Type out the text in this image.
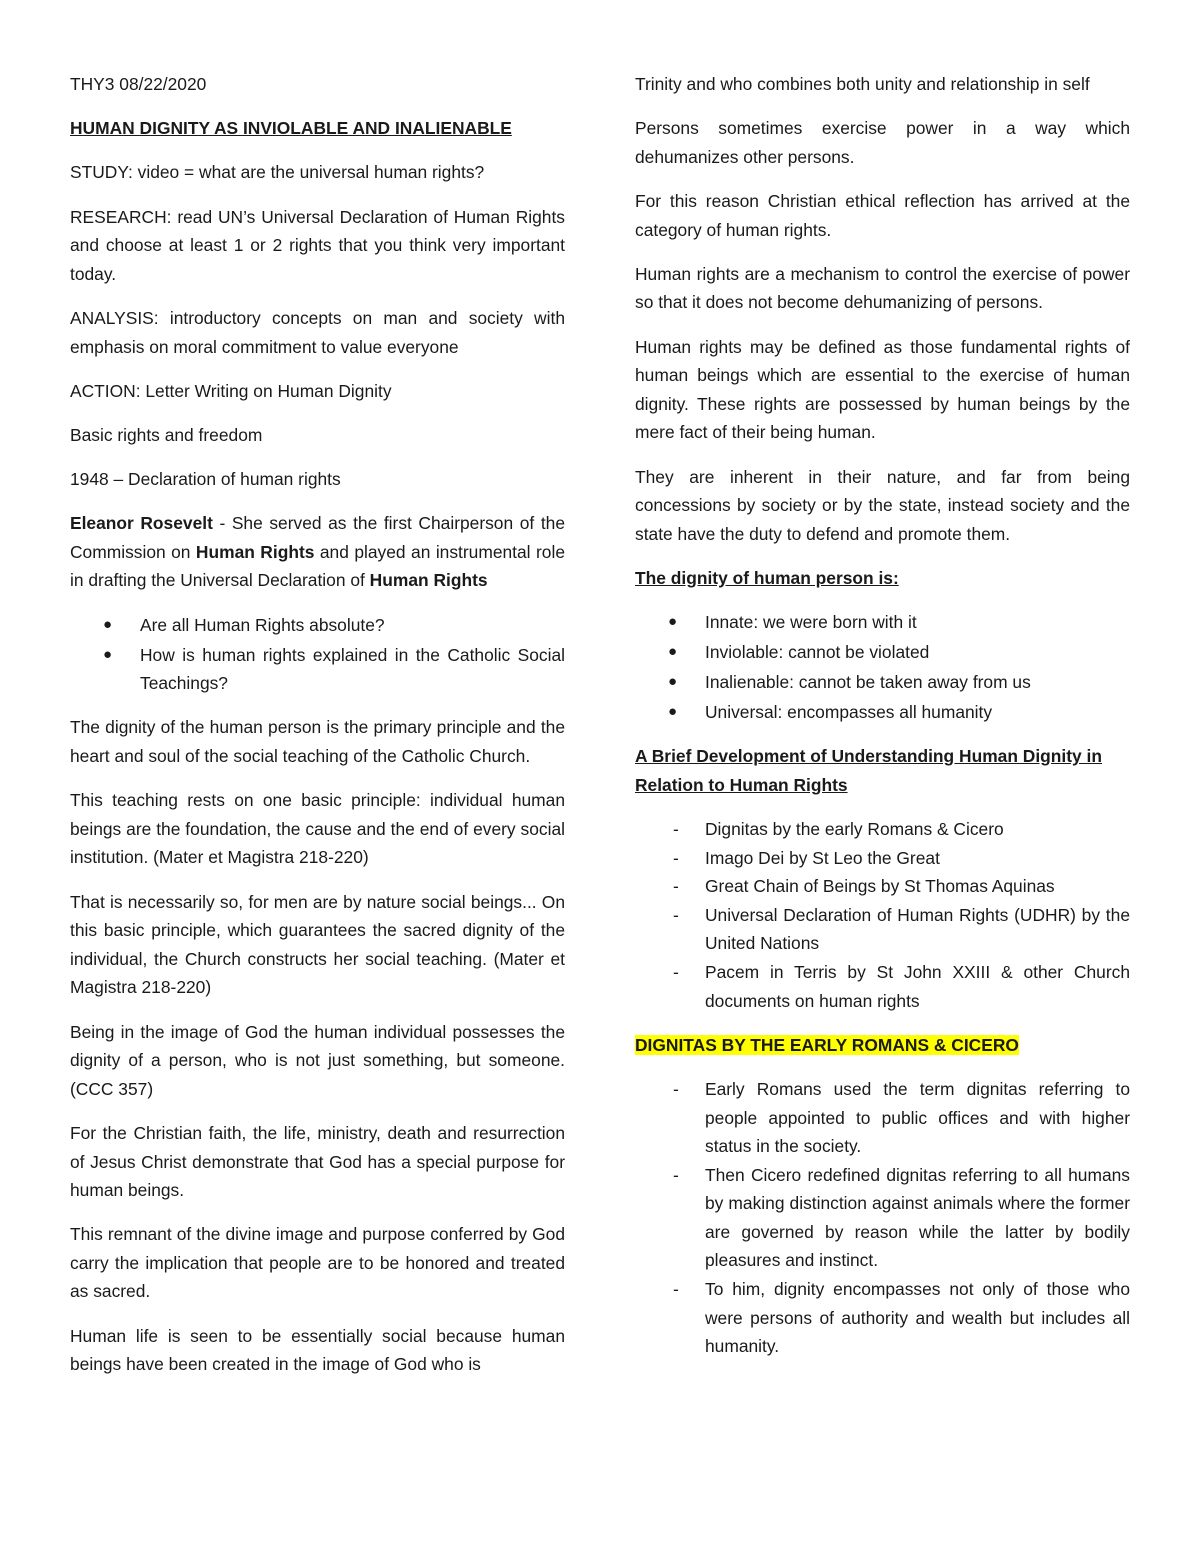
THY3 08/22/2020

HUMAN DIGNITY AS INVIOLABLE AND INALIENABLE

STUDY: video = what are the universal human rights?

RESEARCH: read UN’s Universal Declaration of Human Rights and choose at least 1 or 2 rights that you think very important today.

ANALYSIS: introductory concepts on man and society with emphasis on moral commitment to value everyone

ACTION: Letter Writing on Human Dignity

Basic rights and freedom

1948 – Declaration of human rights

Eleanor Rosevelt - She served as the first Chairperson of the Commission on Human Rights and played an instrumental role in drafting the Universal Declaration of Human Rights

● Are all Human Rights absolute?
● How is human rights explained in the Catholic Social Teachings?

The dignity of the human person is the primary principle and the heart and soul of the social teaching of the Catholic Church.

This teaching rests on one basic principle: individual human beings are the foundation, the cause and the end of every social institution. (Mater et Magistra 218-220)

That is necessarily so, for men are by nature social beings... On this basic principle, which guarantees the sacred dignity of the individual, the Church constructs her social teaching. (Mater et Magistra 218-220)

Being in the image of God the human individual possesses the dignity of a person, who is not just something, but someone. (CCC 357)

For the Christian faith, the life, ministry, death and resurrection of Jesus Christ demonstrate that God has a special purpose for human beings.

This remnant of the divine image and purpose conferred by God carry the implication that people are to be honored and treated as sacred.

Human life is seen to be essentially social because human beings have been created in the image of God who is

Trinity and who combines both unity and relationship in self

Persons sometimes exercise power in a way which dehumanizes other persons.

For this reason Christian ethical reflection has arrived at the category of human rights.

Human rights are a mechanism to control the exercise of power so that it does not become dehumanizing of persons.

Human rights may be defined as those fundamental rights of human beings which are essential to the exercise of human dignity. These rights are possessed by human beings by the mere fact of their being human.

They are inherent in their nature, and far from being concessions by society or by the state, instead society and the state have the duty to defend and promote them.

The dignity of human person is:

● Innate: we were born with it
● Inviolable: cannot be violated
● Inalienable: cannot be taken away from us
● Universal: encompasses all humanity

A Brief Development of Understanding Human Dignity in Relation to Human Rights

- Dignitas by the early Romans & Cicero
- Imago Dei by St Leo the Great
- Great Chain of Beings by St Thomas Aquinas
- Universal Declaration of Human Rights (UDHR) by the United Nations
- Pacem in Terris by St John XXIII & other Church documents on human rights

DIGNITAS BY THE EARLY ROMANS & CICERO

- Early Romans used the term dignitas referring to people appointed to public offices and with higher status in the society.
- Then Cicero redefined dignitas referring to all humans by making distinction against animals where the former are governed by reason while the latter by bodily pleasures and instinct.
- To him, dignity encompasses not only of those who were persons of authority and wealth but includes all humanity.
